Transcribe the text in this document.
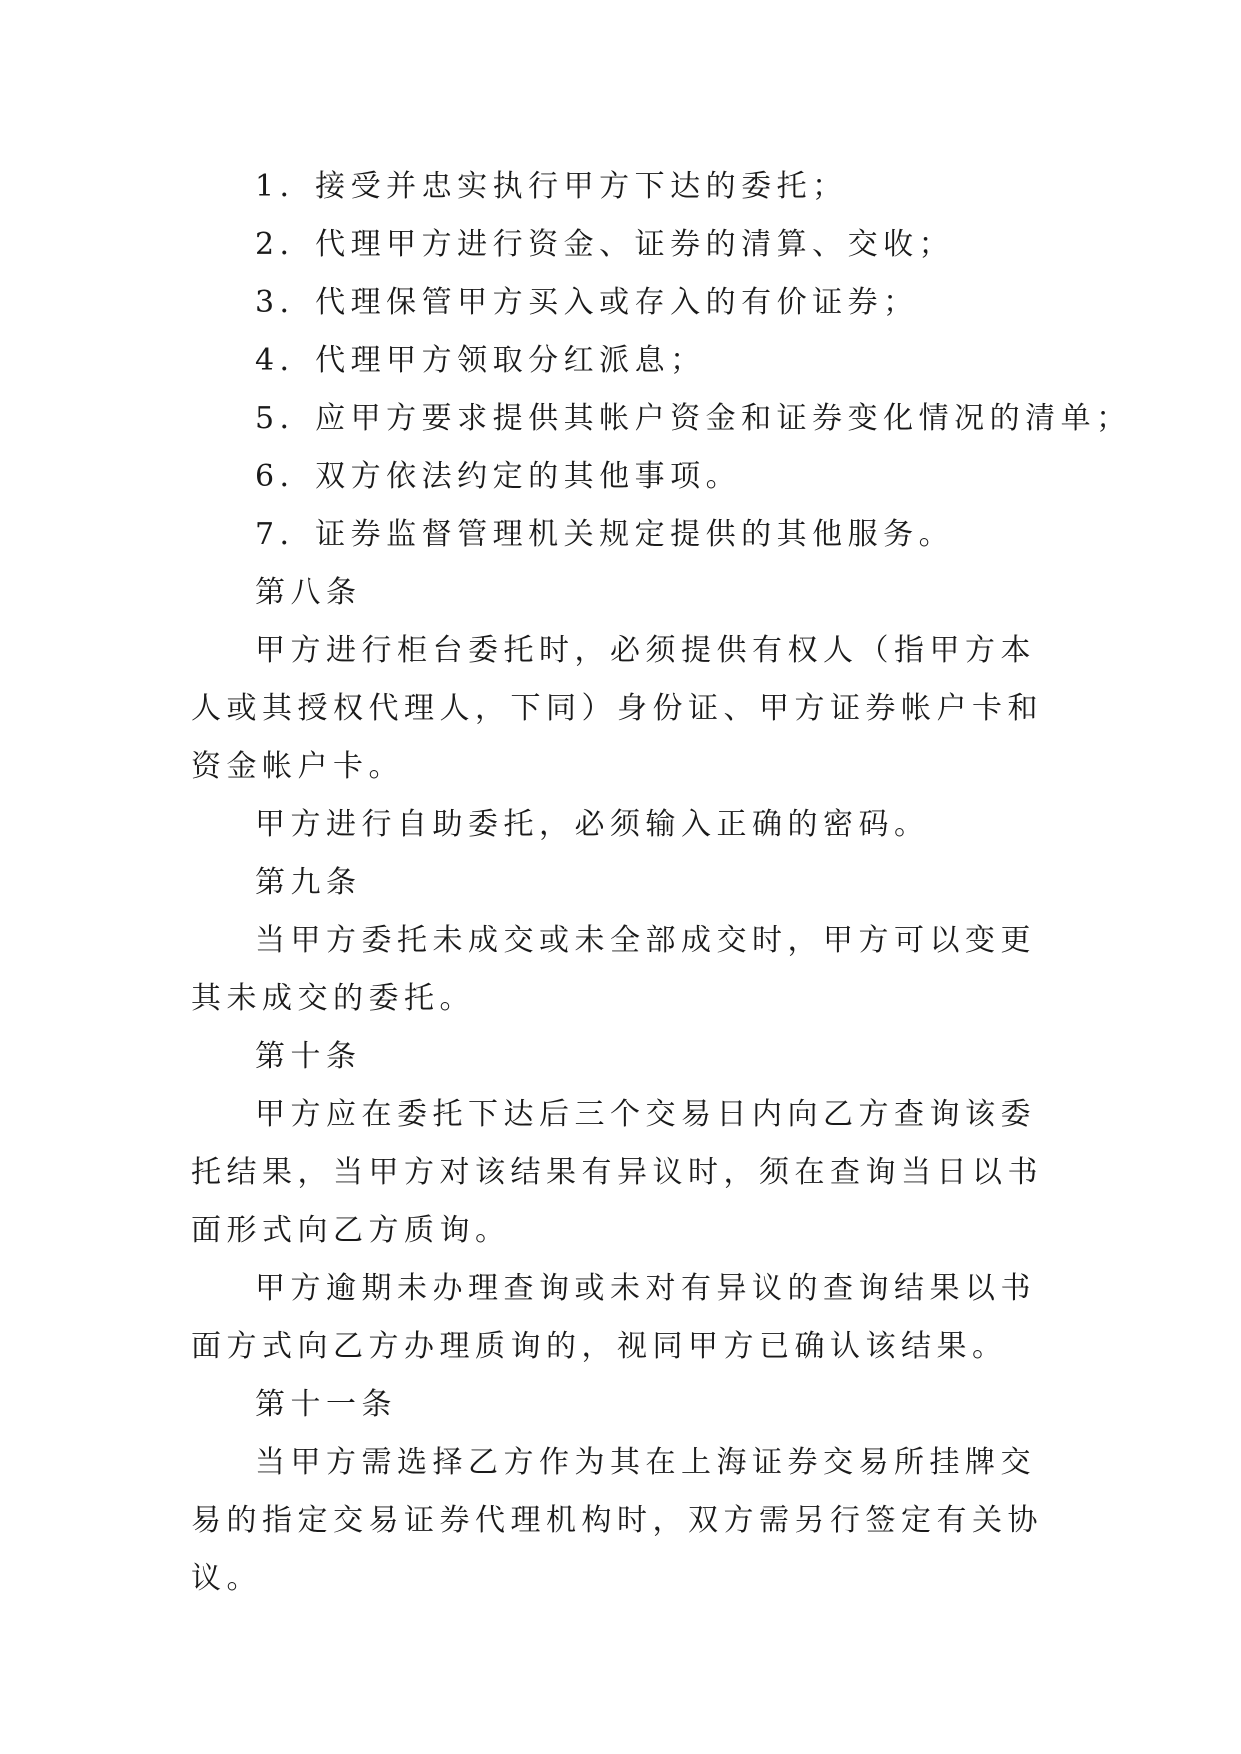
1．接受并忠实执行甲方下达的委托；

2．代理甲方进行资金、证券的清算、交收；

3．代理保管甲方买入或存入的有价证券；

4．代理甲方领取分红派息；

5．应甲方要求提供其帐户资金和证券变化情况的清单；

6．双方依法约定的其他事项。

7．证券监督管理机关规定提供的其他服务。

第八条

甲方进行柜台委托时，必须提供有权人（指甲方本人或其授权代理人，下同）身份证、甲方证券帐户卡和资金帐户卡。

甲方进行自助委托，必须输入正确的密码。

第九条

当甲方委托未成交或未全部成交时，甲方可以变更其未成交的委托。

第十条

甲方应在委托下达后三个交易日内向乙方查询该委托结果，当甲方对该结果有异议时，须在查询当日以书面形式向乙方质询。

甲方逾期未办理查询或未对有异议的查询结果以书面方式向乙方办理质询的，视同甲方已确认该结果。

第十一条

当甲方需选择乙方作为其在上海证券交易所挂牌交易的指定交易证券代理机构时，双方需另行签定有关协议。
